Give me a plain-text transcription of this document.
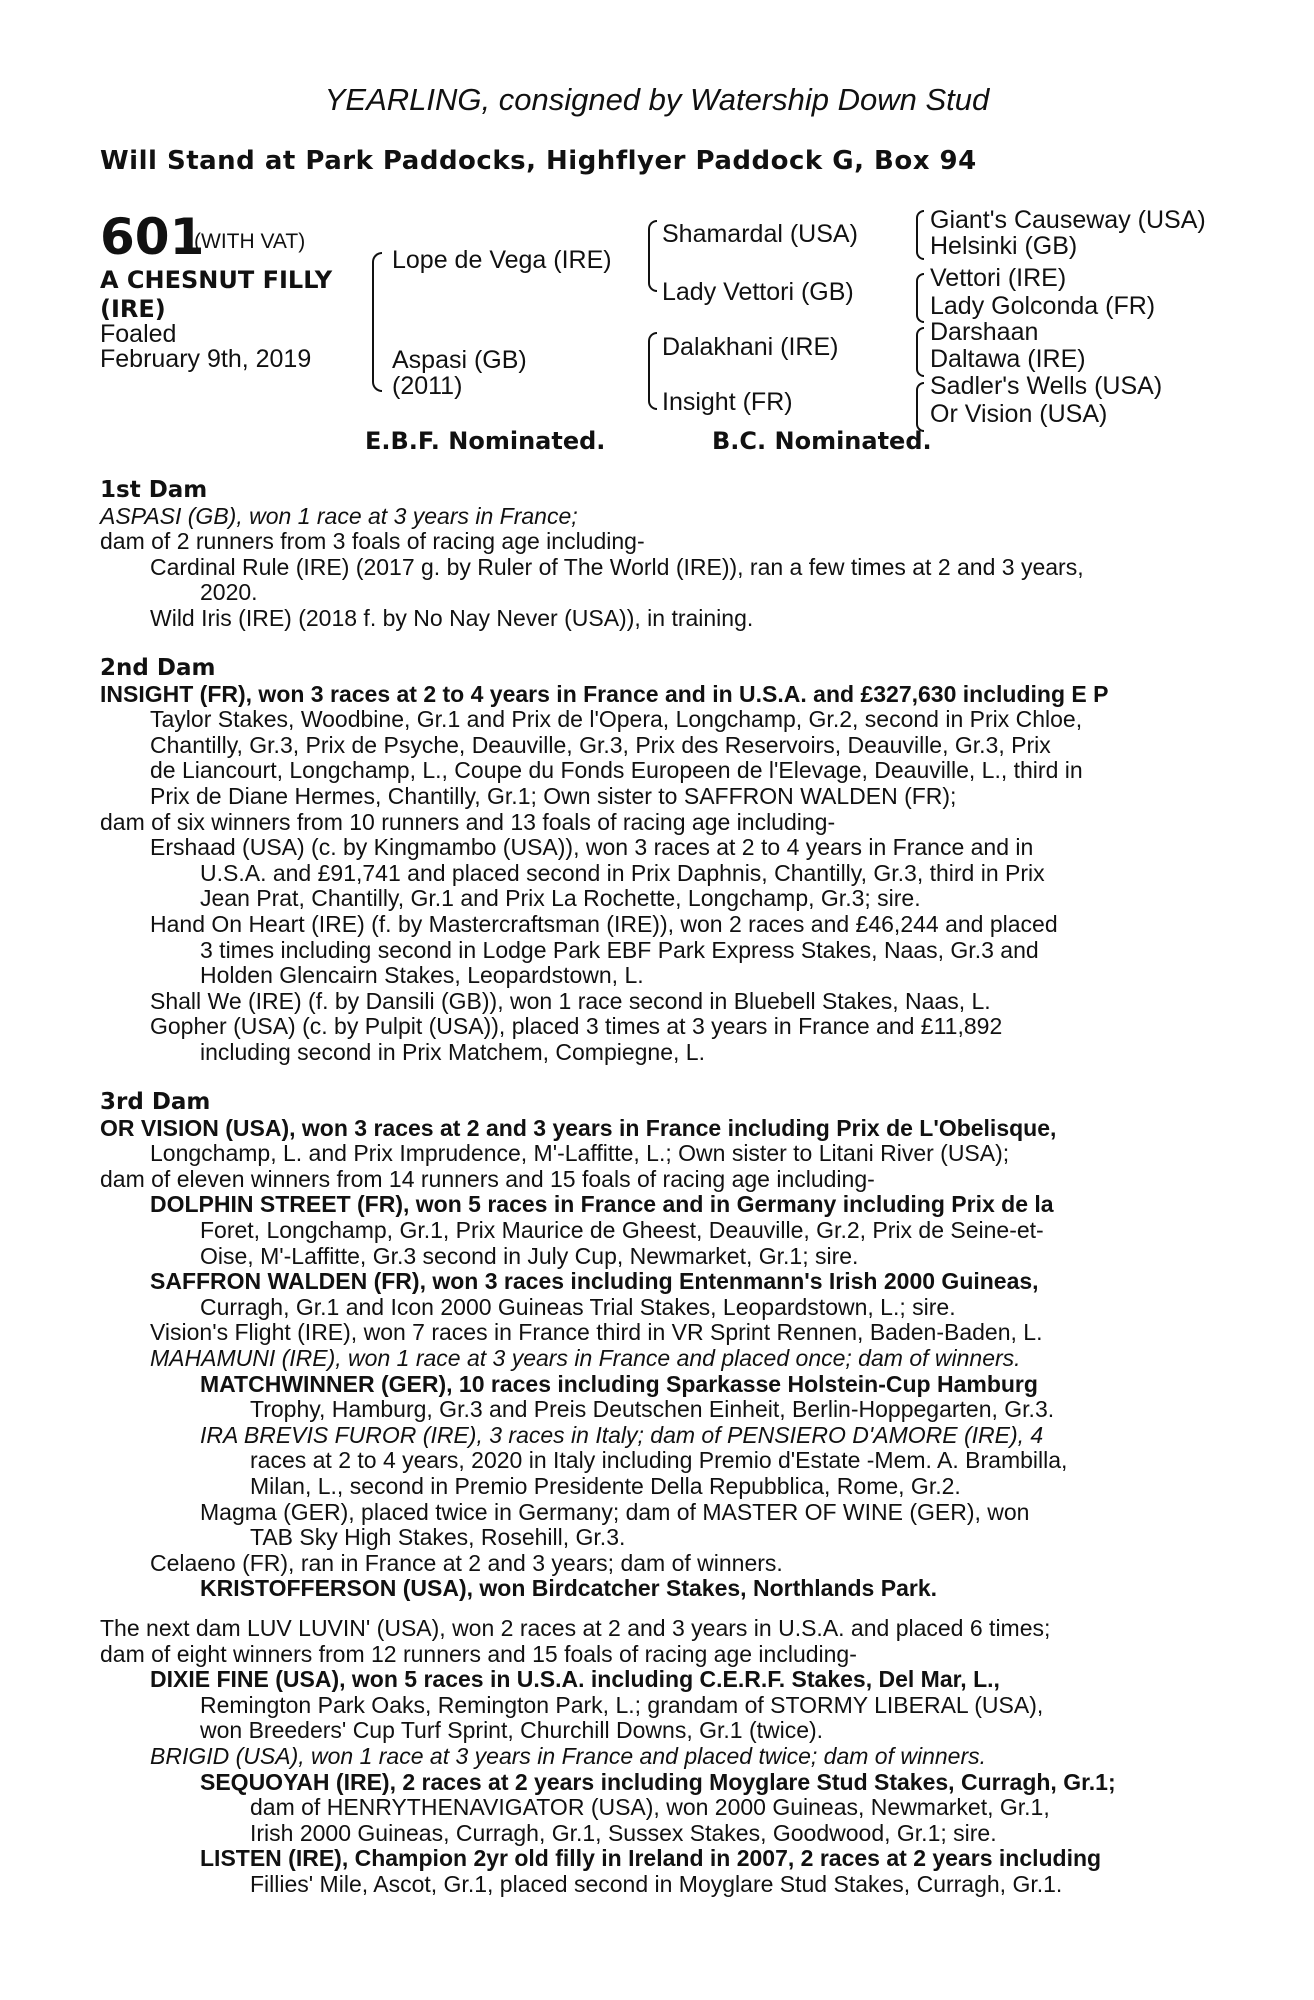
YEARLING, consigned by Watership Down Stud
Will Stand at Park Paddocks, Highflyer Paddock G, Box 94
601
(WITH VAT)
A CHESNUT FILLY
(IRE)
Foaled
February 9th, 2019
Lope de Vega (IRE)
Aspasi (GB)
(2011)
Shamardal (USA)
Lady Vettori (GB)
Dalakhani (IRE)
Insight (FR)
Giant's Causeway (USA)
Helsinki (GB)
Vettori (IRE)
Lady Golconda (FR)
Darshaan
Daltawa (IRE)
Sadler's Wells (USA)
Or Vision (USA)
E.B.F. Nominated.	B.C. Nominated.

1st Dam

ASPASI (GB), won 1 race at 3 years in France;

dam of 2 runners from 3 foals of racing age including-

Cardinal Rule (IRE) (2017 g. by Ruler of The World (IRE)), ran a few times at 2 and 3 years,

2020.

Wild Iris (IRE) (2018 f. by No Nay Never (USA)), in training.

2nd Dam

INSIGHT (FR), won 3 races at 2 to 4 years in France and in U.S.A. and £327,630 including E P

Taylor Stakes, Woodbine, Gr.1 and Prix de l'Opera, Longchamp, Gr.2, second in Prix Chloe,

Chantilly, Gr.3, Prix de Psyche, Deauville, Gr.3, Prix des Reservoirs, Deauville, Gr.3, Prix

de Liancourt, Longchamp, L., Coupe du Fonds Europeen de l'Elevage, Deauville, L., third in

Prix de Diane Hermes, Chantilly, Gr.1; Own sister to SAFFRON WALDEN (FR);

dam of six winners from 10 runners and 13 foals of racing age including-

Ershaad (USA) (c. by Kingmambo (USA)), won 3 races at 2 to 4 years in France and in

U.S.A. and £91,741 and placed second in Prix Daphnis, Chantilly, Gr.3, third in Prix

Jean Prat, Chantilly, Gr.1 and Prix La Rochette, Longchamp, Gr.3; sire.

Hand On Heart (IRE) (f. by Mastercraftsman (IRE)), won 2 races and £46,244 and placed

3 times including second in Lodge Park EBF Park Express Stakes, Naas, Gr.3 and

Holden Glencairn Stakes, Leopardstown, L.

Shall We (IRE) (f. by Dansili (GB)), won 1 race second in Bluebell Stakes, Naas, L.

Gopher (USA) (c. by Pulpit (USA)), placed 3 times at 3 years in France and £11,892

including second in Prix Matchem, Compiegne, L.

3rd Dam

OR VISION (USA), won 3 races at 2 and 3 years in France including Prix de L'Obelisque,

Longchamp, L. and Prix Imprudence, M'-Laffitte, L.; Own sister to Litani River (USA);

dam of eleven winners from 14 runners and 15 foals of racing age including-

DOLPHIN STREET (FR), won 5 races in France and in Germany including Prix de la

Foret, Longchamp, Gr.1, Prix Maurice de Gheest, Deauville, Gr.2, Prix de Seine-et-

Oise, M'-Laffitte, Gr.3 second in July Cup, Newmarket, Gr.1; sire.

SAFFRON WALDEN (FR), won 3 races including Entenmann's Irish 2000 Guineas,

Curragh, Gr.1 and Icon 2000 Guineas Trial Stakes, Leopardstown, L.; sire.

Vision's Flight (IRE), won 7 races in France third in VR Sprint Rennen, Baden-Baden, L.

MAHAMUNI (IRE), won 1 race at 3 years in France and placed once; dam of winners.

MATCHWINNER (GER), 10 races including Sparkasse Holstein-Cup Hamburg

Trophy, Hamburg, Gr.3 and Preis Deutschen Einheit, Berlin-Hoppegarten, Gr.3.

IRA BREVIS FUROR (IRE), 3 races in Italy; dam of PENSIERO D'AMORE (IRE), 4

races at 2 to 4 years, 2020 in Italy including Premio d'Estate -Mem. A. Brambilla,

Milan, L., second in Premio Presidente Della Repubblica, Rome, Gr.2.

Magma (GER), placed twice in Germany; dam of MASTER OF WINE (GER), won

TAB Sky High Stakes, Rosehill, Gr.3.

Celaeno (FR), ran in France at 2 and 3 years; dam of winners.

KRISTOFFERSON (USA), won Birdcatcher Stakes, Northlands Park.

The next dam LUV LUVIN' (USA), won 2 races at 2 and 3 years in U.S.A. and placed 6 times;

dam of eight winners from 12 runners and 15 foals of racing age including-

DIXIE FINE (USA), won 5 races in U.S.A. including C.E.R.F. Stakes, Del Mar, L.,

Remington Park Oaks, Remington Park, L.; grandam of STORMY LIBERAL (USA),

won Breeders' Cup Turf Sprint, Churchill Downs, Gr.1 (twice).

BRIGID (USA), won 1 race at 3 years in France and placed twice; dam of winners.

SEQUOYAH (IRE), 2 races at 2 years including Moyglare Stud Stakes, Curragh, Gr.1;

dam of HENRYTHENAVIGATOR (USA), won 2000 Guineas, Newmarket, Gr.1,

Irish 2000 Guineas, Curragh, Gr.1, Sussex Stakes, Goodwood, Gr.1; sire.

LISTEN (IRE), Champion 2yr old filly in Ireland in 2007, 2 races at 2 years including

Fillies' Mile, Ascot, Gr.1, placed second in Moyglare Stud Stakes, Curragh, Gr.1.
